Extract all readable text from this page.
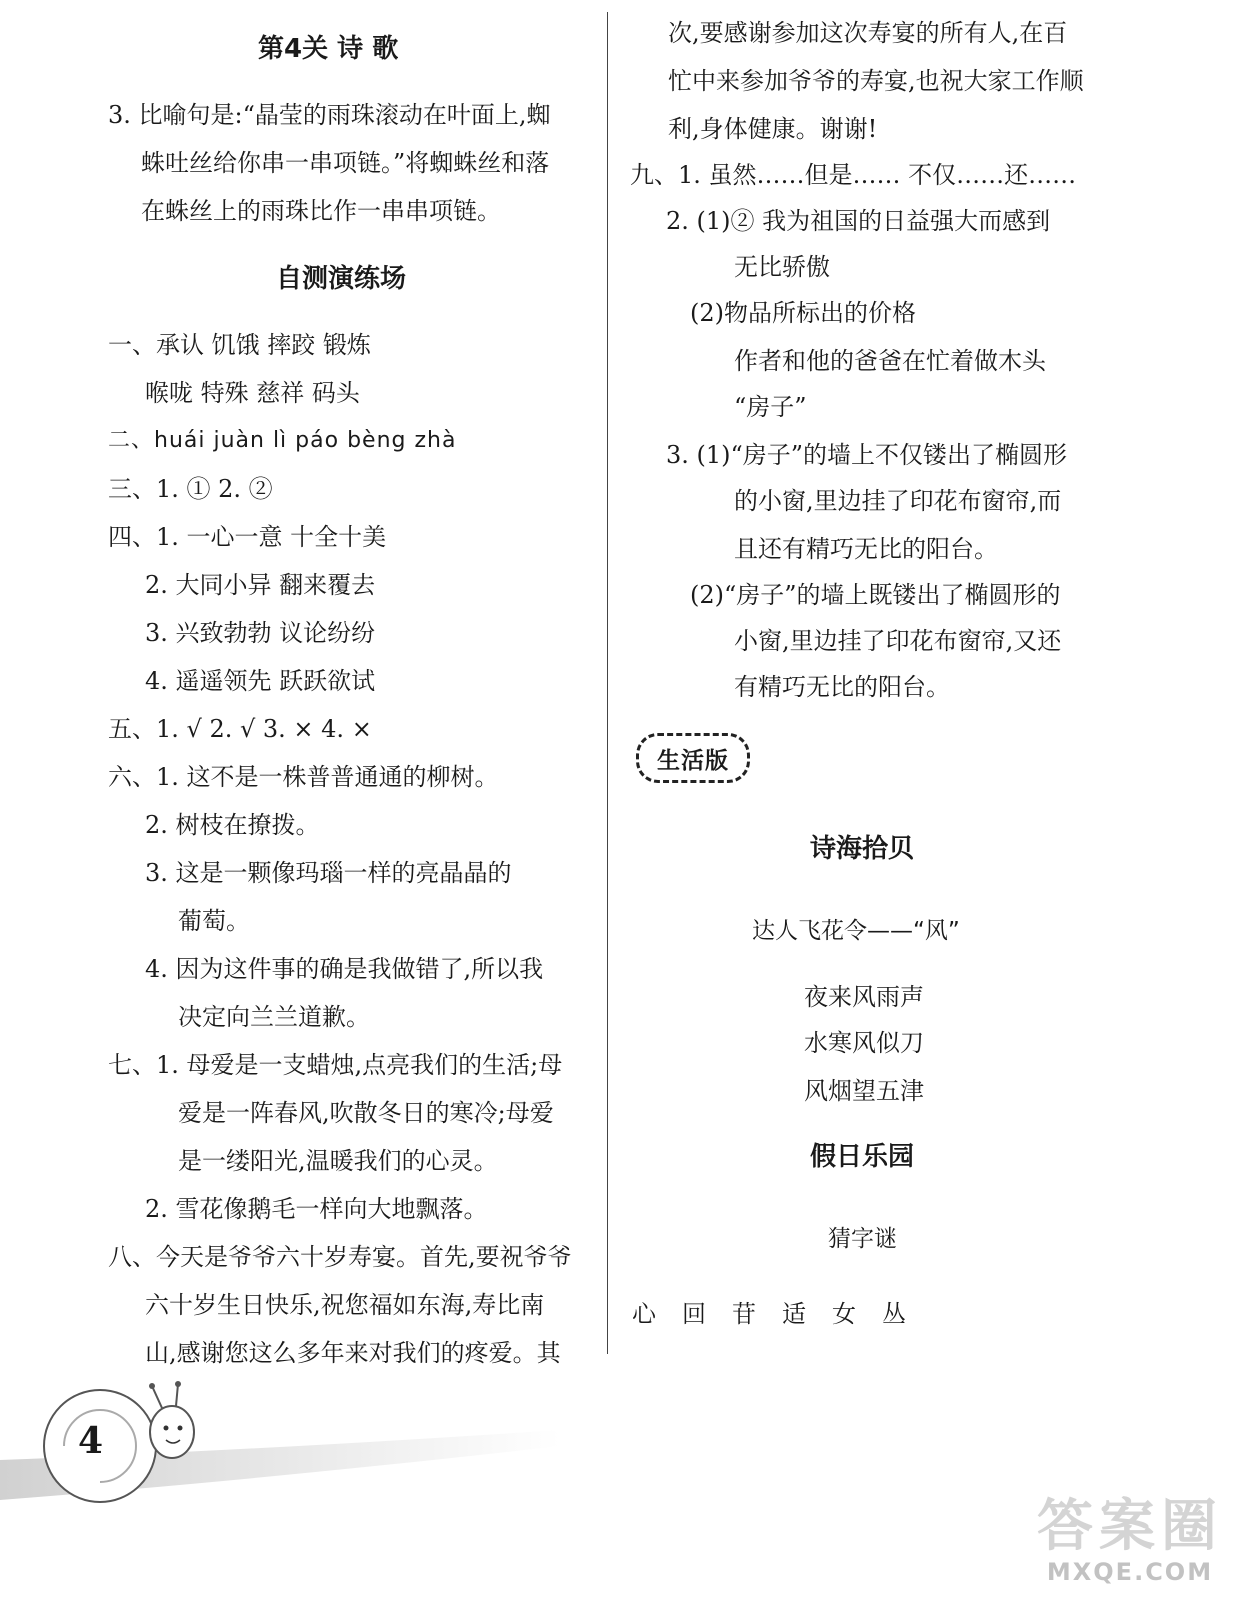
第4关 诗 歌
3. 比喻句是:“晶莹的雨珠滚动在叶面上,蜘
蛛吐丝给你串一串项链。”将蜘蛛丝和落
在蛛丝上的雨珠比作一串串项链。
自测演练场
一、承认 饥饿 摔跤 锻炼
喉咙 特殊 慈祥 码头
二、huái juàn lì páo bèng zhà
三、1. ① 2. ②
四、1. 一心一意 十全十美
2. 大同小异 翻来覆去
3. 兴致勃勃 议论纷纷
4. 遥遥领先 跃跃欲试
五、1. √ 2. √ 3. × 4. ×
六、1. 这不是一株普普通通的柳树。
2. 树枝在撩拨。
3. 这是一颗像玛瑙一样的亮晶晶的
葡萄。
4. 因为这件事的确是我做错了,所以我
决定向兰兰道歉。
七、1. 母爱是一支蜡烛,点亮我们的生活;母
爱是一阵春风,吹散冬日的寒冷;母爱
是一缕阳光,温暖我们的心灵。
2. 雪花像鹅毛一样向大地飘落。
八、今天是爷爷六十岁寿宴。首先,要祝爷爷
六十岁生日快乐,祝您福如东海,寿比南
山,感谢您这么多年来对我们的疼爱。其
次,要感谢参加这次寿宴的所有人,在百
忙中来参加爷爷的寿宴,也祝大家工作顺
利,身体健康。谢谢!
九、1. 虽然……但是…… 不仅……还……
2. (1)② 我为祖国的日益强大而感到
无比骄傲
(2)物品所标出的价格
作者和他的爸爸在忙着做木头
“房子”
3. (1)“房子”的墙上不仅镂出了椭圆形
的小窗,里边挂了印花布窗帘,而
且还有精巧无比的阳台。
(2)“房子”的墙上既镂出了椭圆形的
小窗,里边挂了印花布窗帘,又还
有精巧无比的阳台。
诗海拾贝
达人飞花令——“风”
夜来风雨声
水寒风似刀
风烟望五津
假日乐园
猜字谜
生活版
心 回 苷 适 女 丛
4
答案圈
MXQE.COM
